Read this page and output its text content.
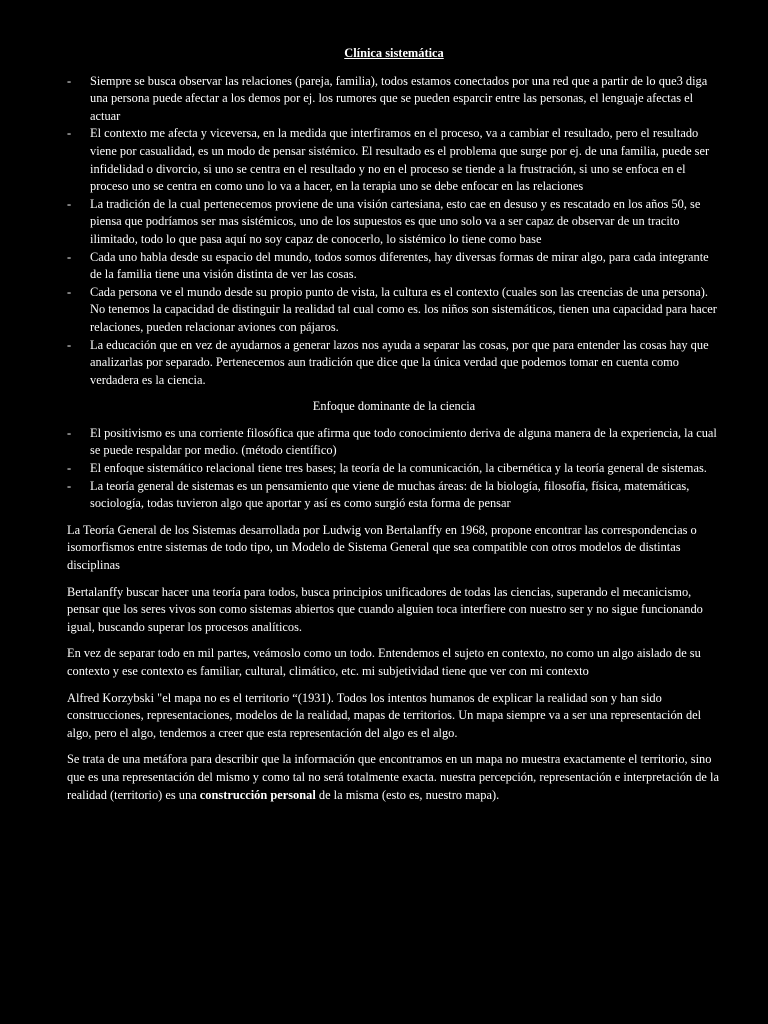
Clínica sistemática
- Siempre se busca observar las relaciones (pareja, familia), todos estamos conectados por una red que a partir de lo que3 diga una persona puede afectar a los demos por ej. los rumores que se pueden esparcir entre las personas, el lenguaje afectas el actuar
- El contexto me afecta y viceversa, en la medida que interfiramos en el proceso, va a cambiar el resultado, pero el resultado viene por casualidad, es un modo de pensar sistémico. El resultado es el problema que surge por ej. de una familia, puede ser infidelidad o divorcio, si uno se centra en el resultado y no en el proceso se tiende a la frustración, si uno se enfoca en el proceso uno se centra en como uno lo va a hacer, en la terapia uno se debe enfocar en las relaciones
- La tradición de la cual pertenecemos proviene de una visión cartesiana, esto cae en desuso y es rescatado en los años 50, se piensa que podríamos ser mas sistémicos, uno de los supuestos es que uno solo va a ser capaz de observar de un tracito ilimitado, todo lo que pasa aquí no soy capaz de conocerlo, lo sistémico lo tiene como base
- Cada uno habla desde su espacio del mundo, todos somos diferentes, hay diversas formas de mirar algo, para cada integrante de la familia tiene una visión distinta de ver las cosas.
- Cada persona ve el mundo desde su propio punto de vista, la cultura es el contexto (cuales son las creencias de una persona). No tenemos la capacidad de distinguir la realidad tal cual como es. los niños son sistemáticos, tienen una capacidad para hacer relaciones, pueden relacionar aviones con pájaros.
- La educación que en vez de ayudarnos a generar lazos nos ayuda a separar las cosas, por que para entender las cosas hay que analizarlas por separado. Pertenecemos aun tradición que dice que la única verdad que podemos tomar en cuenta como verdadera es la ciencia.
Enfoque dominante de la ciencia
- El positivismo es una corriente filosófica que afirma que todo conocimiento deriva de alguna manera de la experiencia, la cual se puede respaldar por medio. (método científico)
- El enfoque sistemático relacional tiene tres bases; la teoría de la comunicación, la cibernética y la teoría general de sistemas.
- La teoría general de sistemas es un pensamiento que viene de muchas áreas: de la biología, filosofía, física, matemáticas, sociología, todas tuvieron algo que aportar y así es como surgió esta forma de pensar

La Teoría General de los Sistemas desarrollada por Ludwig von Bertalanffy en 1968, propone encontrar las correspondencias o isomorfismos entre sistemas de todo tipo, un Modelo de Sistema General que sea compatible con otros modelos de distintas disciplinas

Bertalanffy buscar hacer una teoría para todos, busca principios unificadores de todas las ciencias, superando el mecanicismo, pensar que los seres vivos son como sistemas abiertos que cuando alguien toca interfiere con nuestro ser y no sigue funcionando igual, buscando superar los procesos analíticos.

En vez de separar todo en mil partes, veámoslo como un todo. Entendemos el sujeto en contexto, no como un algo aislado de su contexto y ese contexto es familiar, cultural, climático, etc. mi subjetividad tiene que ver con mi contexto

Alfred Korzybski "el mapa no es el territorio “(1931). Todos los intentos humanos de explicar la realidad son y han sido construcciones, representaciones, modelos de la realidad, mapas de territorios. Un mapa siempre va a ser una representación del algo, pero el algo, tendemos a creer que esta representación del algo es el algo.

Se trata de una metáfora para describir que la información que encontramos en un mapa no muestra exactamente el territorio, sino que es una representación del mismo y como tal no será totalmente exacta. nuestra percepción, representación e interpretación de la realidad (territorio) es una construcción personal de la misma (esto es, nuestro mapa).
